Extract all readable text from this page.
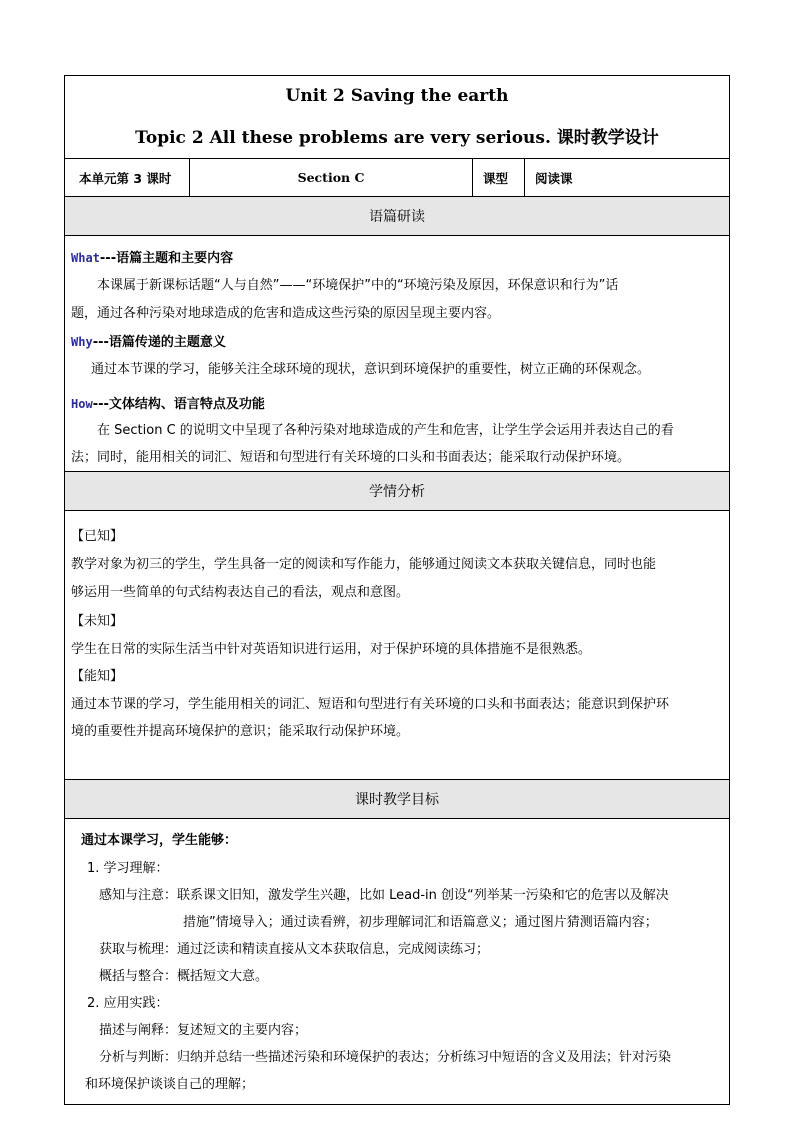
Unit 2 Saving the earth
Topic 2 All these problems are very serious. 课时教学设计
本单元第 3 课时	Section C	课型	阅读课
语篇研读
What---语篇主题和主要内容
本课属于新课标话题“人与自然”——“环境保护”中的“环境污染及原因，环保意识和行为”话
题，通过各种污染对地球造成的危害和造成这些污染的原因呈现主要内容。
Why---语篇传递的主题意义
通过本节课的学习，能够关注全球环境的现状，意识到环境保护的重要性，树立正确的环保观念。
How---文体结构、语言特点及功能
在 Section C 的说明文中呈现了各种污染对地球造成的产生和危害，让学生学会运用并表达自己的看
法；同时，能用相关的词汇、短语和句型进行有关环境的口头和书面表达；能采取行动保护环境。
学情分析
【已知】
教学对象为初三的学生，学生具备一定的阅读和写作能力，能够通过阅读文本获取关键信息，同时也能
够运用一些简单的句式结构表达自己的看法，观点和意图。
【未知】
学生在日常的实际生活当中针对英语知识进行运用，对于保护环境的具体措施不是很熟悉。
【能知】
通过本节课的学习，学生能用相关的词汇、短语和句型进行有关环境的口头和书面表达；能意识到保护环
境的重要性并提高环境保护的意识；能采取行动保护环境。
课时教学目标
通过本课学习，学生能够：
1. 学习理解：
感知与注意：联系课文旧知，激发学生兴趣，比如 Lead-in 创设“列举某一污染和它的危害以及解决
措施”情境导入；通过读看辨，初步理解词汇和语篇意义；通过图片猜测语篇内容；
获取与梳理：通过泛读和精读直接从文本获取信息，完成阅读练习；
概括与整合：概括短文大意。
2. 应用实践：
描述与阐释：复述短文的主要内容；
分析与判断：归纳并总结一些描述污染和环境保护的表达；分析练习中短语的含义及用法；针对污染
和环境保护谈谈自己的理解；
